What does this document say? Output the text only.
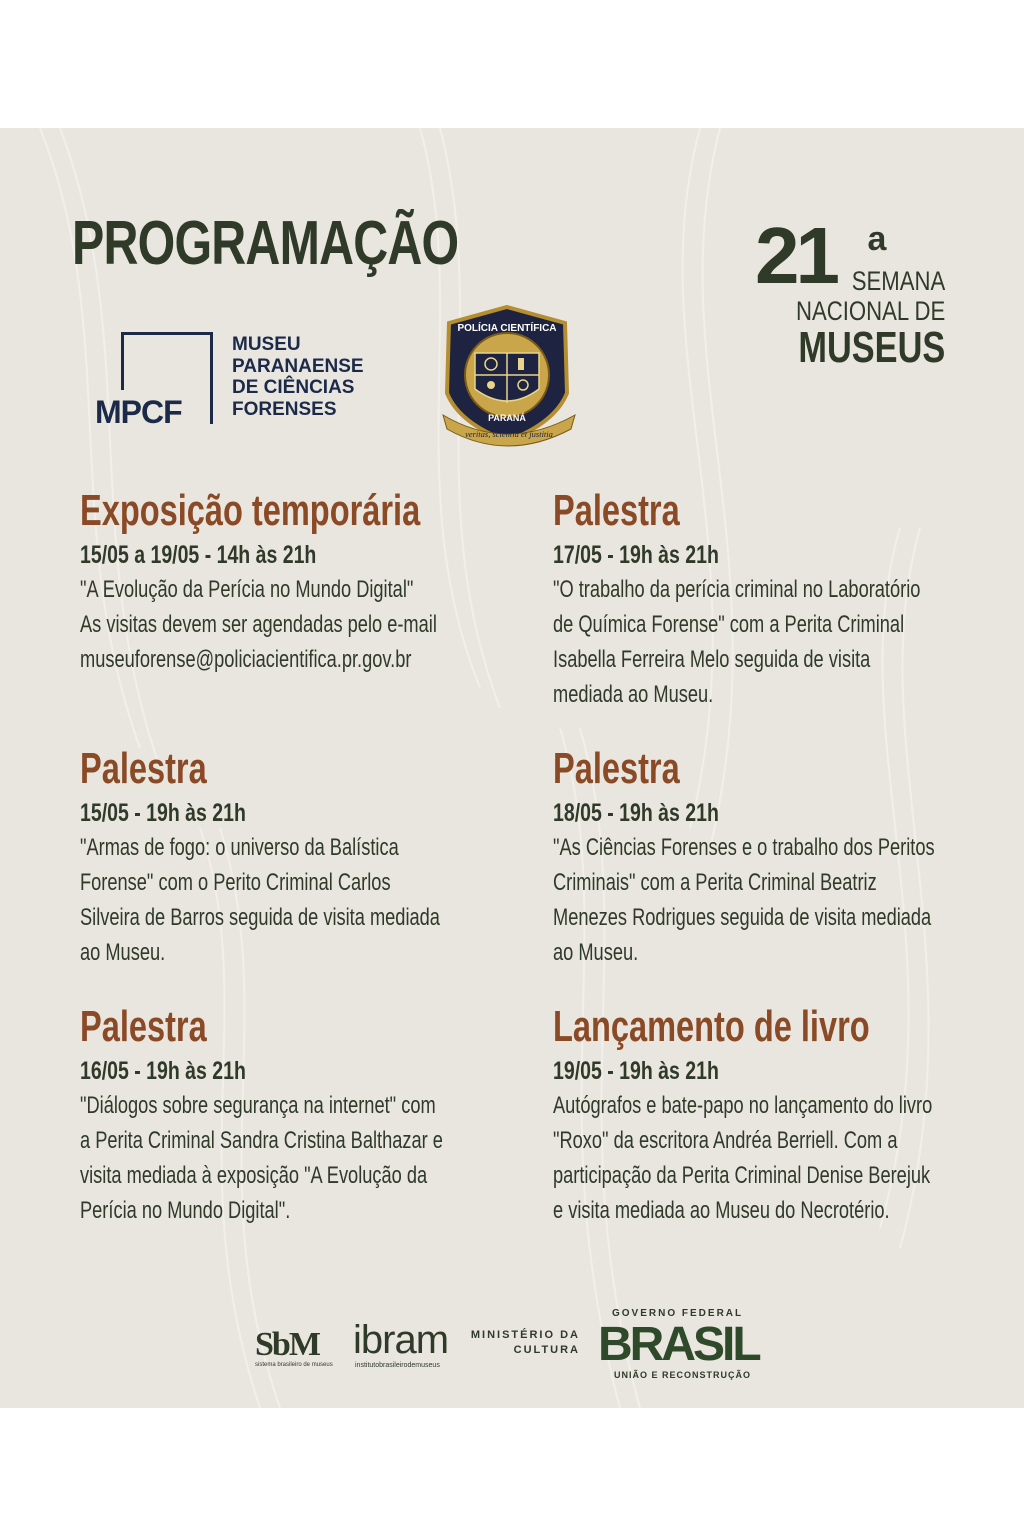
PROGRAMAÇÃO
MPCF
MUSEU
PARANAENSE
DE CIÊNCIAS
FORENSES
POLÍCIA CIENTÍFICA
PARANÁ
veritas, scientia et justitia
21 a
SEMANA
NACIONAL DE
MUSEUS
Exposição temporária
15/05 a 19/05 - 14h às 21h
"A Evolução da Perícia no Mundo Digital"
As visitas devem ser agendadas pelo e-mail
museuforense@policiacientifica.pr.gov.br
Palestra
15/05 - 19h às 21h
"Armas de fogo: o universo da Balística
Forense" com o Perito Criminal Carlos
Silveira de Barros seguida de visita mediada
ao Museu.
Palestra
16/05 - 19h às 21h
"Diálogos sobre segurança na internet" com
a Perita Criminal Sandra Cristina Balthazar e
visita mediada à exposição "A Evolução da
Perícia no Mundo Digital".
Palestra
17/05 - 19h às 21h
"O trabalho da perícia criminal no Laboratório
de Química Forense" com a Perita Criminal
Isabella Ferreira Melo seguida de visita
mediada ao Museu.
Palestra
18/05 - 19h às 21h
"As Ciências Forenses e o trabalho dos Peritos
Criminais" com a Perita Criminal Beatriz
Menezes Rodrigues seguida de visita mediada
ao Museu.
Lançamento de livro
19/05 - 19h às 21h
Autógrafos e bate-papo no lançamento do livro
"Roxo" da escritora Andréa Berriell. Com a
participação da Perita Criminal Denise Berejuk
e visita mediada ao Museu do Necrotério.
SbM
sistema brasileiro de museus
ibram
institutobrasileirodemuseus
MINISTÉRIO DA
CULTURA
GOVERNO FEDERAL
BRASIL
UNIÃO E RECONSTRUÇÃO
